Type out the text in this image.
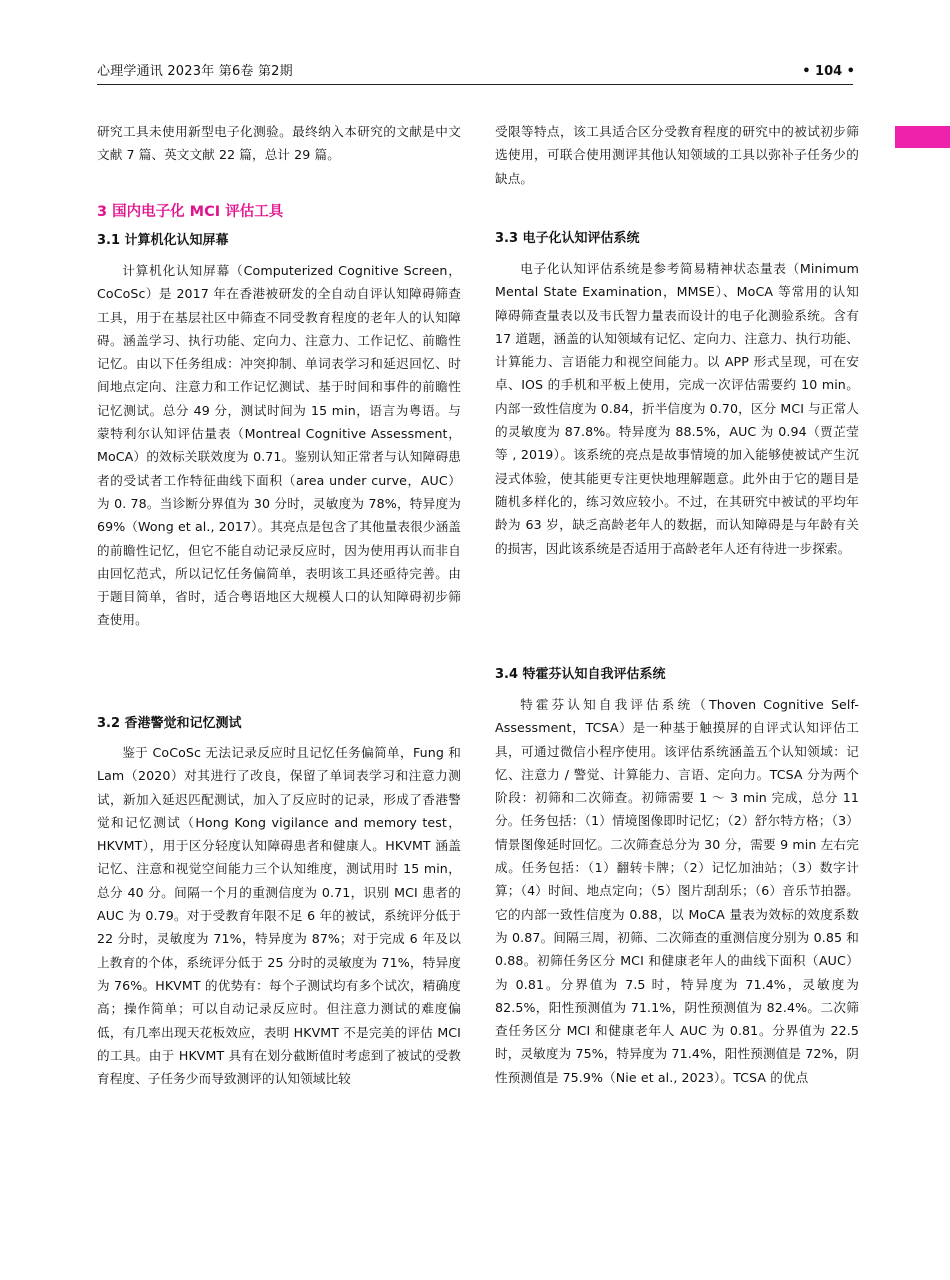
心理学通讯 2023年 第6卷 第2期	• 104 •

研究工具未使用新型电子化测验。最终纳入本研究的文献是中文文献 7 篇、英文文献 22 篇，总计 29 篇。

3 国内电子化 MCI 评估工具
3.1 计算机化认知屏幕

计算机化认知屏幕（Computerized Cognitive Screen，CoCoSc）是 2017 年在香港被研发的全自动自评认知障碍筛查工具，用于在基层社区中筛查不同受教育程度的老年人的认知障碍。涵盖学习、执行功能、定向力、注意力、工作记忆、前瞻性记忆。由以下任务组成：冲突抑制、单词表学习和延迟回忆、时间地点定向、注意力和工作记忆测试、基于时间和事件的前瞻性记忆测试。总分 49 分，测试时间为 15 min，语言为粤语。与蒙特利尔认知评估量表（Montreal Cognitive Assessment，MoCA）的效标关联效度为 0.71。鉴别认知正常者与认知障碍患者的受试者工作特征曲线下面积（area under curve，AUC）为 0. 78。当诊断分界值为 30 分时，灵敏度为 78%，特异度为 69%（Wong et al., 2017）。其亮点是包含了其他量表很少涵盖的前瞻性记忆，但它不能自动记录反应时，因为使用再认而非自由回忆范式，所以记忆任务偏简单，表明该工具还亟待完善。由于题目简单，省时，适合粤语地区大规模人口的认知障碍初步筛查使用。

3.2 香港警觉和记忆测试

鉴于 CoCoSc 无法记录反应时且记忆任务偏简单，Fung 和 Lam（2020）对其进行了改良，保留了单词表学习和注意力测试，新加入延迟匹配测试，加入了反应时的记录，形成了香港警觉和记忆测试（Hong Kong vigilance and memory test，HKVMT），用于区分轻度认知障碍患者和健康人。HKVMT 涵盖记忆、注意和视觉空间能力三个认知维度，测试用时 15 min，总分 40 分。间隔一个月的重测信度为 0.71，识别 MCI 患者的 AUC 为 0.79。对于受教育年限不足 6 年的被试，系统评分低于 22 分时，灵敏度为 71%，特异度为 87%；对于完成 6 年及以上教育的个体，系统评分低于 25 分时的灵敏度为 71%，特异度为 76%。HKVMT 的优势有：每个子测试均有多个试次，精确度高；操作简单；可以自动记录反应时。但注意力测试的难度偏低，有几率出现天花板效应，表明 HKVMT 不是完美的评估 MCI 的工具。由于 HKVMT 具有在划分截断值时考虑到了被试的受教育程度、子任务少而导致测评的认知领域比较

受限等特点，该工具适合区分受教育程度的研究中的被试初步筛选使用，可联合使用测评其他认知领域的工具以弥补子任务少的缺点。

3.3 电子化认知评估系统

电子化认知评估系统是参考简易精神状态量表（Minimum Mental State Examination，MMSE）、MoCA 等常用的认知障碍筛查量表以及韦氏智力量表而设计的电子化测验系统。含有 17 道题，涵盖的认知领域有记忆、定向力、注意力、执行功能、计算能力、言语能力和视空间能力。以 APP 形式呈现，可在安卓、IOS 的手机和平板上使用，完成一次评估需要约 10 min。内部一致性信度为 0.84，折半信度为 0.70，区分 MCI 与正常人的灵敏度为 87.8%。特异度为 88.5%，AUC 为 0.94（贾芷莹 等 , 2019）。该系统的亮点是故事情境的加入能够使被试产生沉浸式体验，使其能更专注更快地理解题意。此外由于它的题目是随机多样化的，练习效应较小。不过，在其研究中被试的平均年龄为 63 岁，缺乏高龄老年人的数据，而认知障碍是与年龄有关的损害，因此该系统是否适用于高龄老年人还有待进一步探索。

3.4 特霍芬认知自我评估系统

特霍芬认知自我评估系统（Thoven Cognitive Self-Assessment，TCSA）是一种基于触摸屏的自评式认知评估工具，可通过微信小程序使用。该评估系统涵盖五个认知领域：记忆、注意力 / 警觉、计算能力、言语、定向力。TCSA 分为两个阶段：初筛和二次筛查。初筛需要 1 ～ 3 min 完成，总分 11 分。任务包括：（1）情境图像即时记忆；（2）舒尔特方格；（3）情景图像延时回忆。二次筛查总分为 30 分，需要 9 min 左右完成。任务包括：（1）翻转卡牌；（2）记忆加油站；（3）数字计算；（4）时间、地点定向；（5）图片刮刮乐；（6）音乐节拍器。它的内部一致性信度为 0.88，以 MoCA 量表为效标的效度系数为 0.87。间隔三周，初筛、二次筛查的重测信度分别为 0.85 和 0.88。初筛任务区分 MCI 和健康老年人的曲线下面积（AUC）为 0.81。分界值为 7.5 时，特异度为 71.4%，灵敏度为 82.5%，阳性预测值为 71.1%，阴性预测值为 82.4%。二次筛查任务区分 MCI 和健康老年人 AUC 为 0.81。分界值为 22.5 时，灵敏度为 75%，特异度为 71.4%，阳性预测值是 72%，阴性预测值是 75.9%（Nie et al., 2023）。TCSA 的优点
